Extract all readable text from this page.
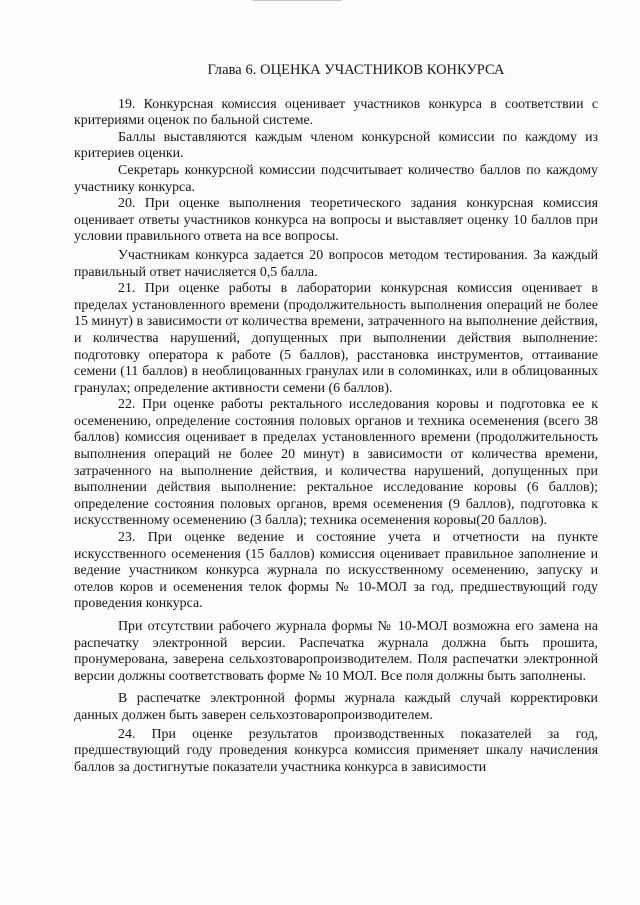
Глава 6. ОЦЕНКА УЧАСТНИКОВ КОНКУРСА

19. Конкурсная комиссия оценивает участников конкурса в соответствии с критериями оценок по бальной системе.

Баллы выставляются каждым членом конкурсной комиссии по каждому из критериев оценки.

Секретарь конкурсной комиссии подсчитывает количество баллов по каждому участнику конкурса.

20. При оценке выполнения теоретического задания конкурсная комиссия оценивает ответы участников конкурса на вопросы и выставляет оценку 10 баллов при условии правильного ответа на все вопросы.

Участникам конкурса задается 20 вопросов методом тестирования. За каждый правильный ответ начисляется 0,5 балла.

21. При оценке работы в лаборатории конкурсная комиссия оценивает в пределах установленного времени (продолжительность выполнения операций не более 15 минут) в зависимости от количества времени, затраченного на выполнение действия, и количества нарушений, допущенных при выполнении действия выполнение: подготовку оператора к работе (5 баллов), расстановка инструментов, оттаивание семени (11 баллов) в необлицованных гранулах или в соломинках, или в облицованных гранулах; определение активности семени (6 баллов).

22. При оценке работы ректального исследования коровы и подготовка ее к осеменению, определение состояния половых органов и техника осеменения (всего 38 баллов) комиссия оценивает в пределах установленного времени (продолжительность выполнения операций не более 20 минут) в зависимости от количества времени, затраченного на выполнение действия, и количества нарушений, допущенных при выполнении действия выполнение: ректальное исследование коровы (6 баллов); определение состояния половых органов, время осеменения (9 баллов), подготовка к искусственному осеменению (3 балла); техника осеменения коровы(20 баллов).

23. При оценке ведение и состояние учета и отчетности на пункте искусственного осеменения (15 баллов) комиссия оценивает правильное заполнение и ведение участником конкурса журнала по искусственному осеменению, запуску и отелов коров и осеменения телок формы № 10-МОЛ за год, предшествующий году проведения конкурса.

При отсутствии рабочего журнала формы № 10-МОЛ возможна его замена на распечатку электронной версии. Распечатка журнала должна быть прошита, пронумерована, заверена сельхозтоваропроизводителем. Поля распечатки электронной версии должны соответствовать форме № 10 МОЛ. Все поля должны быть заполнены.

В распечатке электронной формы журнала каждый случай корректировки данных должен быть заверен сельхозтоваропроизводителем.

24. При оценке результатов производственных показателей за год, предшествующий году проведения конкурса комиссия применяет шкалу начисления баллов за достигнутые показатели участника конкурса в зависимости
